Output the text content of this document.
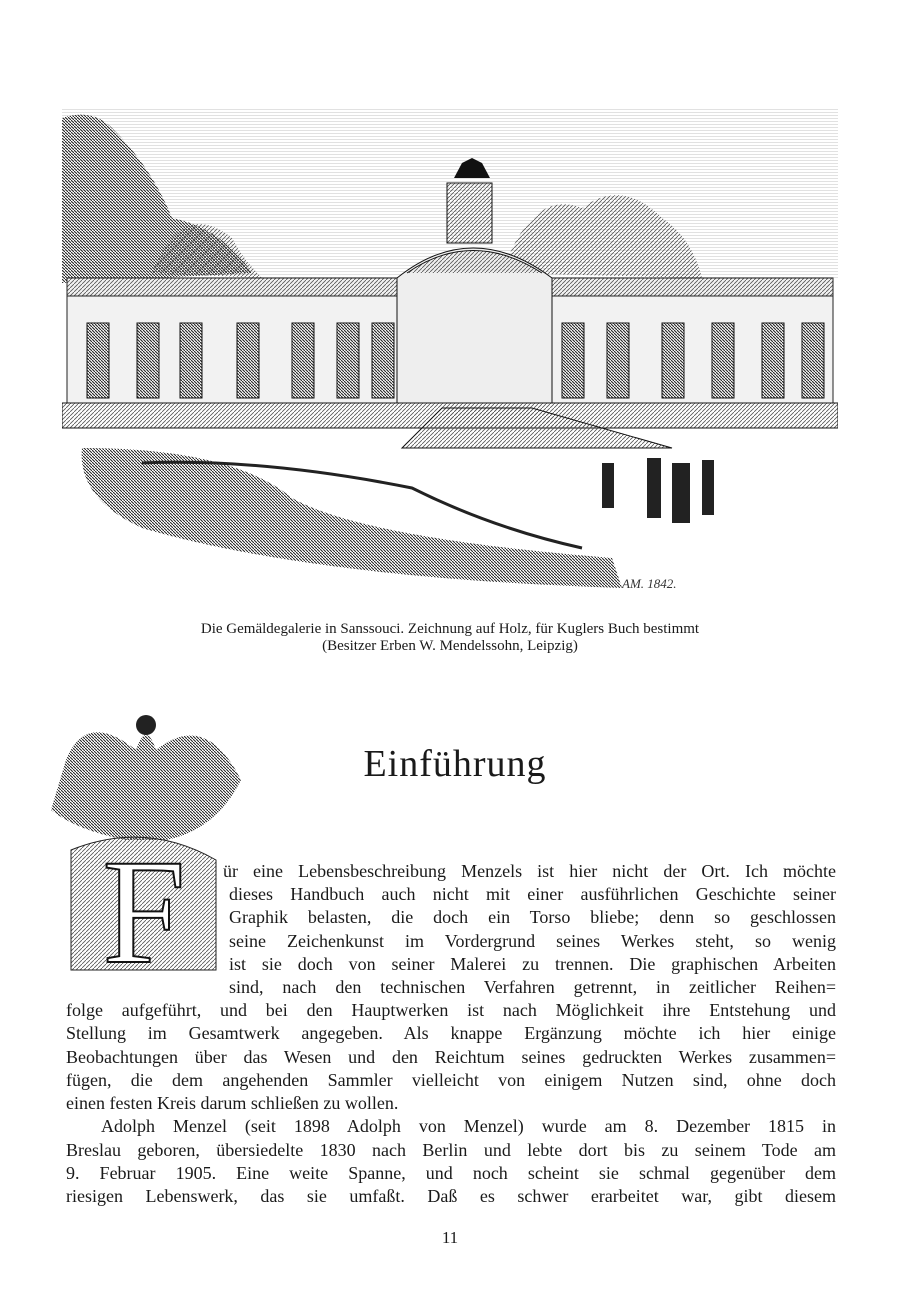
AM. 1842.
Die Gemäldegalerie in Sanssouci. Zeichnung auf Holz, für Kuglers Buch bestimmt
(Besitzer Erben W. Mendelssohn, Leipzig)
F
Einführung
ür eine Lebensbeschreibung Menzels ist hier nicht der Ort. Ich möchte
dieses Handbuch auch nicht mit einer ausführlichen Geschichte seiner
Graphik belasten, die doch ein Torso bliebe; denn so geschlossen
seine Zeichenkunst im Vordergrund seines Werkes steht, so wenig
ist sie doch von seiner Malerei zu trennen. Die graphischen Arbeiten
sind, nach den technischen Verfahren getrennt, in zeitlicher Reihen=
folge aufgeführt, und bei den Hauptwerken ist nach Möglichkeit ihre Entstehung und
Stellung im Gesamtwerk angegeben. Als knappe Ergänzung möchte ich hier einige
Beobachtungen über das Wesen und den Reichtum seines gedruckten Werkes zusammen=
fügen, die dem angehenden Sammler vielleicht von einigem Nutzen sind, ohne doch
einen festen Kreis darum schließen zu wollen.
Adolph Menzel (seit 1898 Adolph von Menzel) wurde am 8. Dezember 1815 in
Breslau geboren, übersiedelte 1830 nach Berlin und lebte dort bis zu seinem Tode am
9. Februar 1905. Eine weite Spanne, und noch scheint sie schmal gegenüber dem
riesigen Lebenswerk, das sie umfaßt. Daß es schwer erarbeitet war, gibt diesem
11
